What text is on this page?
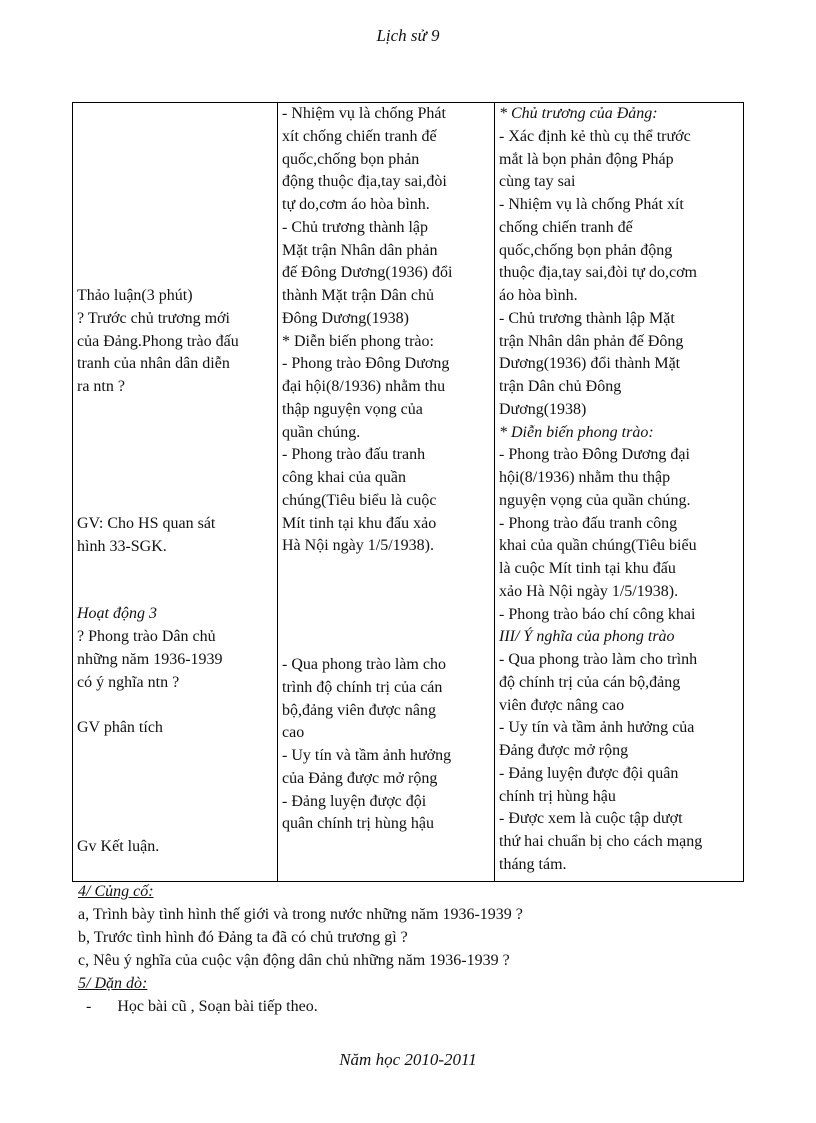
Lịch sử 9
Thảo luận(3 phút)
? Trước chủ trương mới
của Đảng.Phong trào đấu
tranh của nhân dân diễn
ra ntn ?
GV: Cho HS quan sát
hình 33-SGK.
Hoạt động 3
? Phong trào Dân chủ
những năm 1936-1939
có ý nghĩa ntn ?
GV phân tích
Gv Kết luận.

- Nhiệm vụ là chống Phát
xít chống chiến tranh đế
quốc,chống bọn phản
động thuộc địa,tay sai,đòi
tự do,cơm áo hòa bình.
- Chủ trương thành lập
Mặt trận Nhân dân phản
đế Đông Dương(1936) đổi
thành Mặt trận Dân chủ
Đông Dương(1938)
* Diễn biến phong trào:
- Phong trào Đông Dương
đại hội(8/1936) nhằm thu
thập nguyện vọng của
quần chúng.
- Phong trào đấu tranh
công khai của quần
chúng(Tiêu biểu là cuộc
Mít tinh tại khu đấu xảo
Hà Nội ngày 1/5/1938).
- Qua phong trào làm cho
trình độ chính trị của cán
bộ,đảng viên được nâng
cao
- Uy tín và tầm ảnh hưởng
của Đảng được mở rộng
- Đảng luyện được đội
quân chính trị hùng hậu

* Chủ trương của Đảng:
- Xác định kẻ thù cụ thể trước
mắt là bọn phản động Pháp
cùng tay sai
- Nhiệm vụ là chống Phát xít
chống chiến tranh đế
quốc,chống bọn phản động
thuộc địa,tay sai,đòi tự do,cơm
áo hòa bình.
- Chủ trương thành lập Mặt
trận Nhân dân phản đế Đông
Dương(1936) đổi thành Mặt
trận Dân chủ Đông
Dương(1938)
* Diễn biến phong trào:
- Phong trào Đông Dương đại
hội(8/1936) nhằm thu thập
nguyện vọng của quần chúng.
- Phong trào đấu tranh công
khai của quần chúng(Tiêu biểu
là cuộc Mít tinh tại khu đấu
xảo Hà Nội ngày 1/5/1938).
- Phong trào báo chí công khai
III/ Ý nghĩa của phong trào
- Qua phong trào làm cho trình
độ chính trị của cán bộ,đảng
viên được nâng cao
- Uy tín và tầm ảnh hưởng của
Đảng được mở rộng
- Đảng luyện được đội quân
chính trị hùng hậu
- Được xem là cuộc tập dượt
thứ hai chuẩn bị cho cách mạng
tháng tám.
4/ Củng cố:
a, Trình bày tình hình thế giới và trong nước những năm 1936-1939 ?
b, Trước tình hình đó Đảng ta đã có chủ trương gì ?
c, Nêu ý nghĩa của cuộc vận động dân chủ những năm 1936-1939 ?
5/ Dặn dò:
- Học bài cũ , Soạn bài tiếp theo.
Năm học 2010-2011
